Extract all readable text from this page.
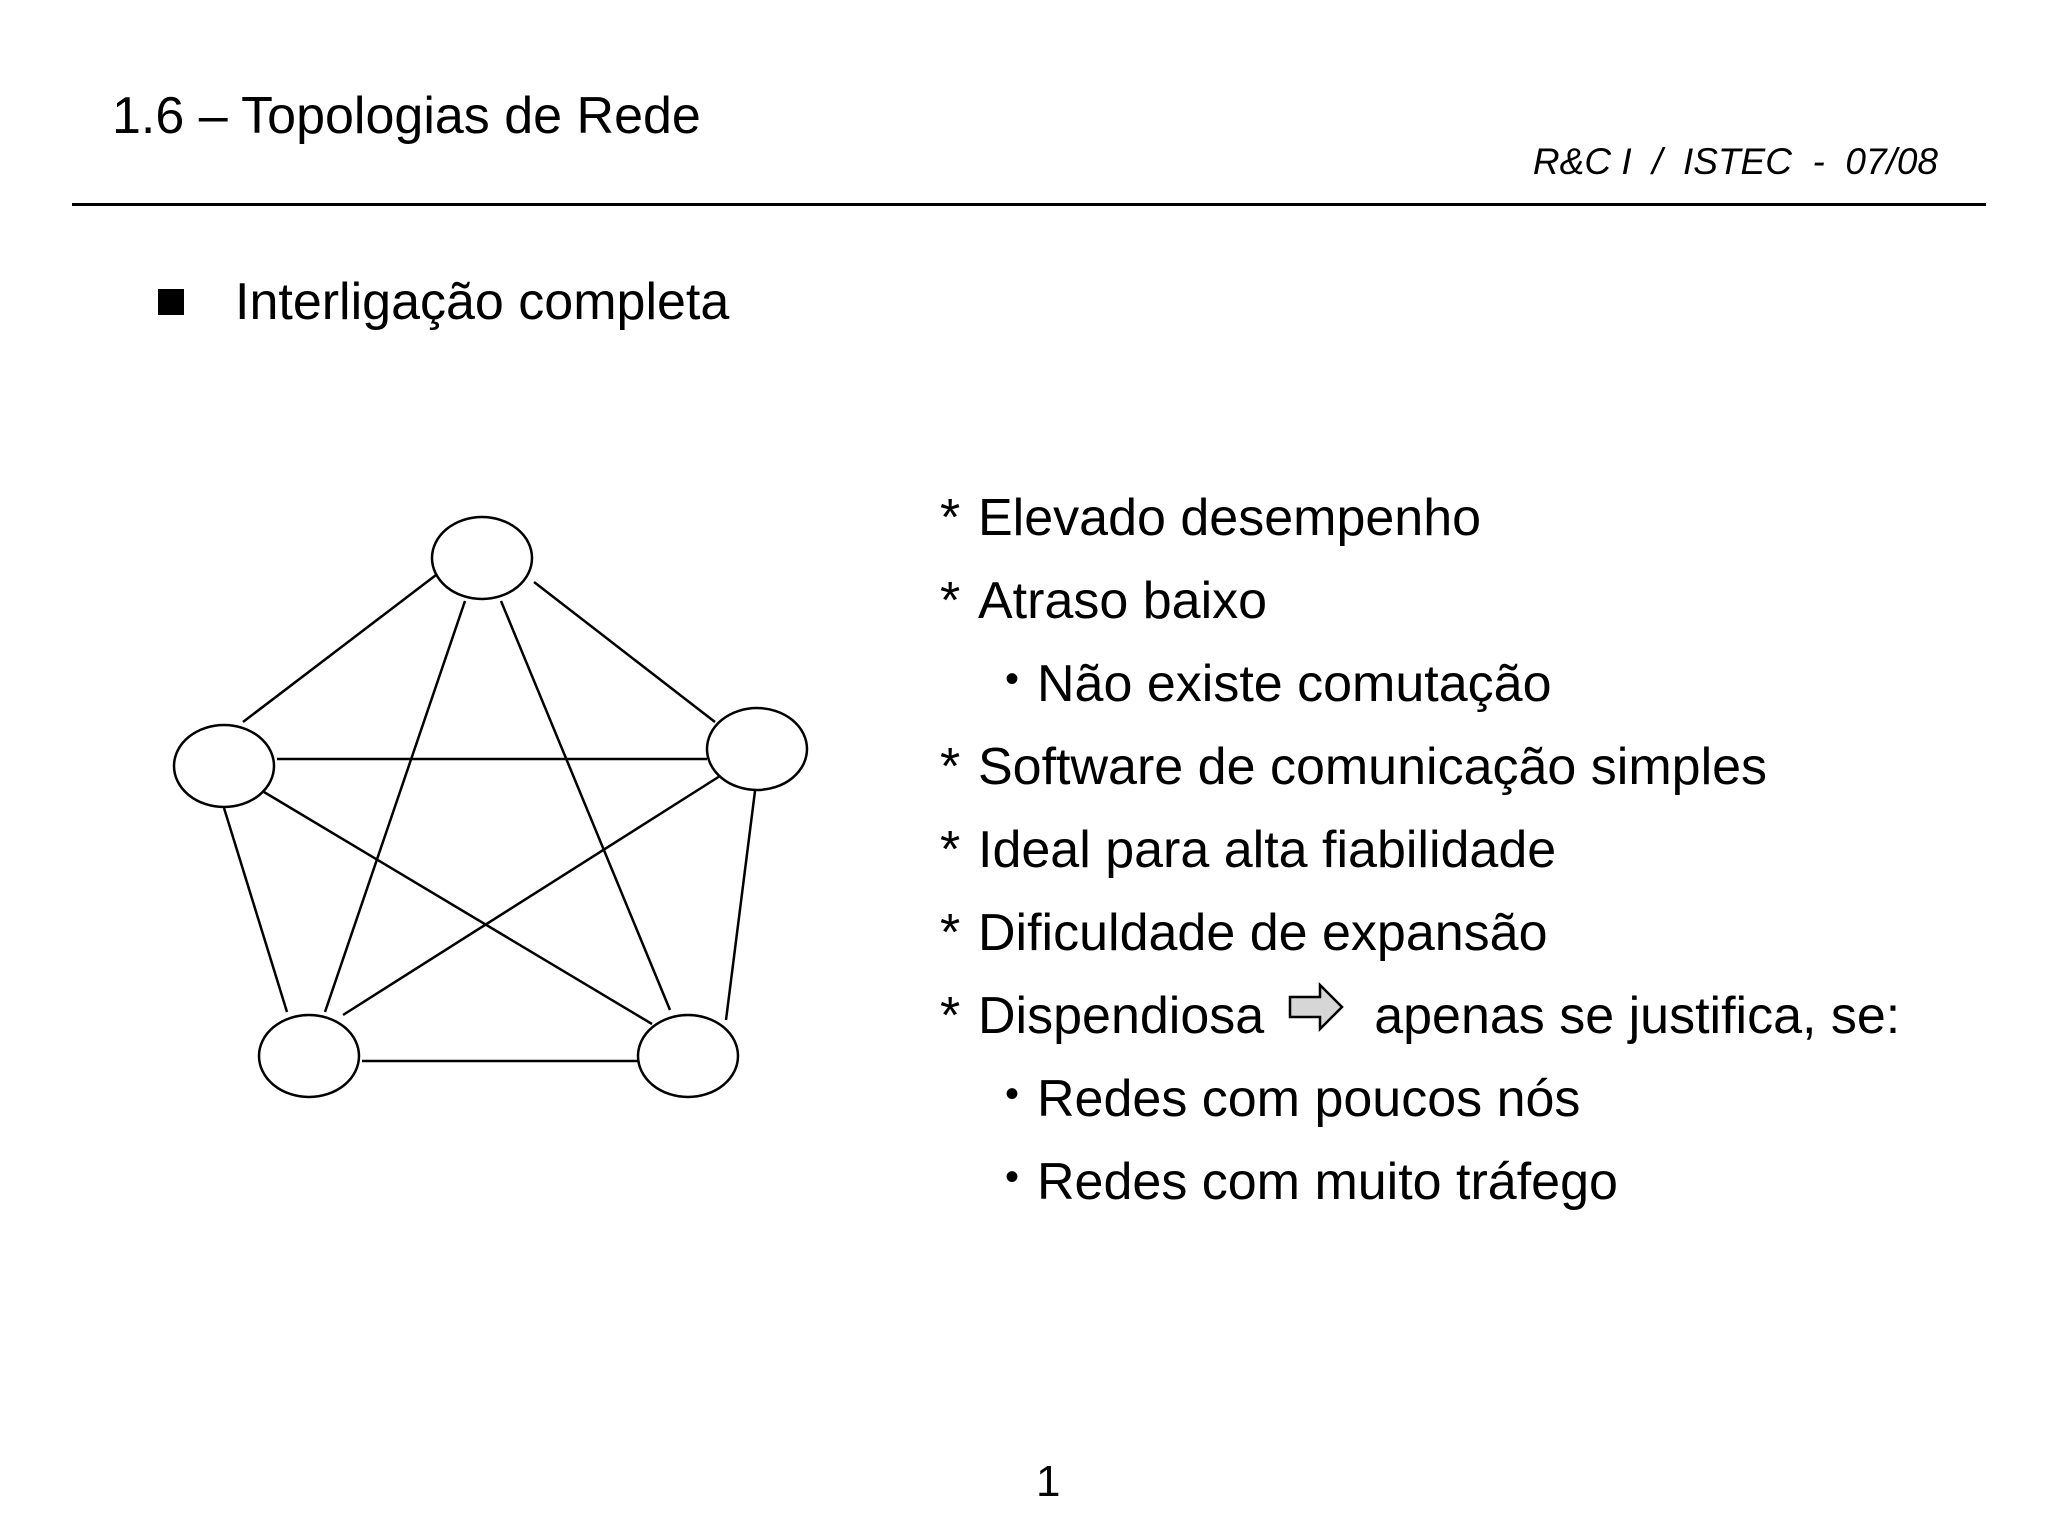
1.6 – Topologias de Rede
R&C I  /  ISTEC  -  07/08
Interligação completa
* Elevado desempenho
* Atraso baixo
• Não existe comutação
* Software de comunicação simples
* Ideal para alta fiabilidade
* Dificuldade de expansão
* Dispendiosa apenas se justifica, se:
• Redes com poucos nós
• Redes com muito tráfego
1
